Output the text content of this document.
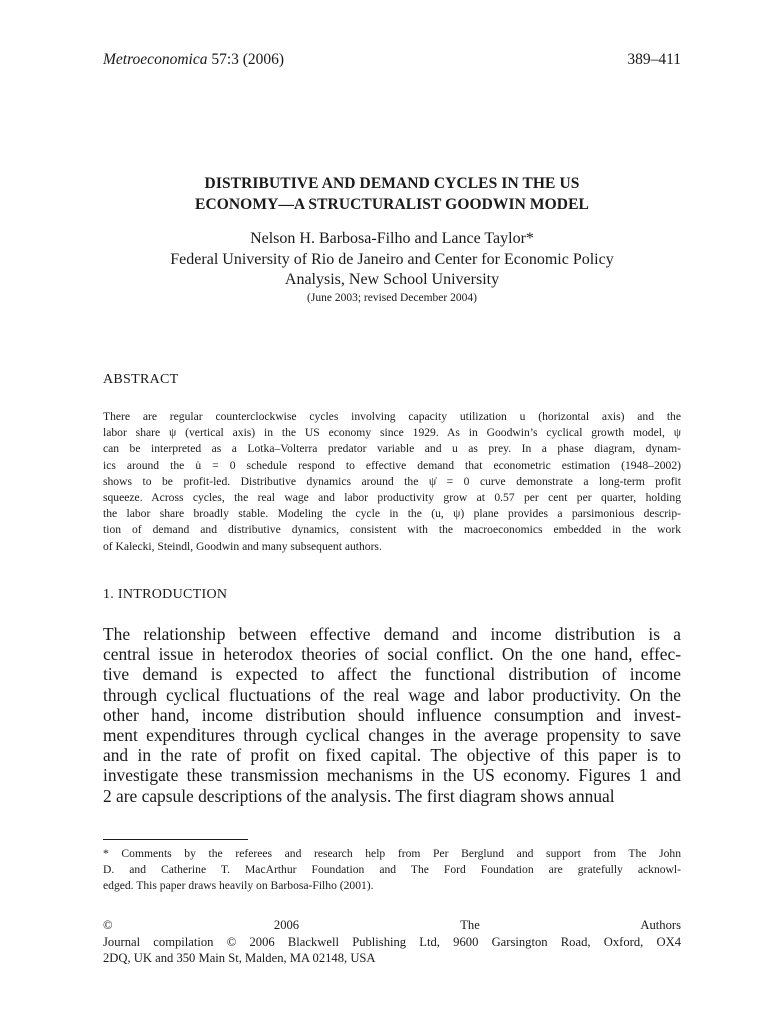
Metroeconomica 57:3 (2006)	389–411
DISTRIBUTIVE AND DEMAND CYCLES IN THE US
ECONOMY—A STRUCTURALIST GOODWIN MODEL
Nelson H. Barbosa-Filho and Lance Taylor*
Federal University of Rio de Janeiro and Center for Economic Policy
Analysis, New School University
(June 2003; revised December 2004)
ABSTRACT
There are regular counterclockwise cycles involving capacity utilization u (horizontal axis) and the
labor share ψ (vertical axis) in the US economy since 1929. As in Goodwin’s cyclical growth model, ψ
can be interpreted as a Lotka–Volterra predator variable and u as prey. In a phase diagram, dynam-
ics around the u̇ = 0 schedule respond to effective demand that econometric estimation (1948–2002)
shows to be profit-led. Distributive dynamics around the ψ̇ = 0 curve demonstrate a long-term profit
squeeze. Across cycles, the real wage and labor productivity grow at 0.57 per cent per quarter, holding
the labor share broadly stable. Modeling the cycle in the (u, ψ) plane provides a parsimonious descrip-
tion of demand and distributive dynamics, consistent with the macroeconomics embedded in the work
of Kalecki, Steindl, Goodwin and many subsequent authors.
1. INTRODUCTION
The relationship between effective demand and income distribution is a
central issue in heterodox theories of social conflict. On the one hand, effec-
tive demand is expected to affect the functional distribution of income
through cyclical fluctuations of the real wage and labor productivity. On the
other hand, income distribution should influence consumption and invest-
ment expenditures through cyclical changes in the average propensity to save
and in the rate of profit on fixed capital. The objective of this paper is to
investigate these transmission mechanisms in the US economy. Figures 1 and
2 are capsule descriptions of the analysis. The first diagram shows annual
* Comments by the referees and research help from Per Berglund and support from The John
D. and Catherine T. MacArthur Foundation and The Ford Foundation are gratefully acknowl-
edged. This paper draws heavily on Barbosa-Filho (2001).
© 2006 The Authors
Journal compilation © 2006 Blackwell Publishing Ltd, 9600 Garsington Road, Oxford, OX4
2DQ, UK and 350 Main St, Malden, MA 02148, USA
